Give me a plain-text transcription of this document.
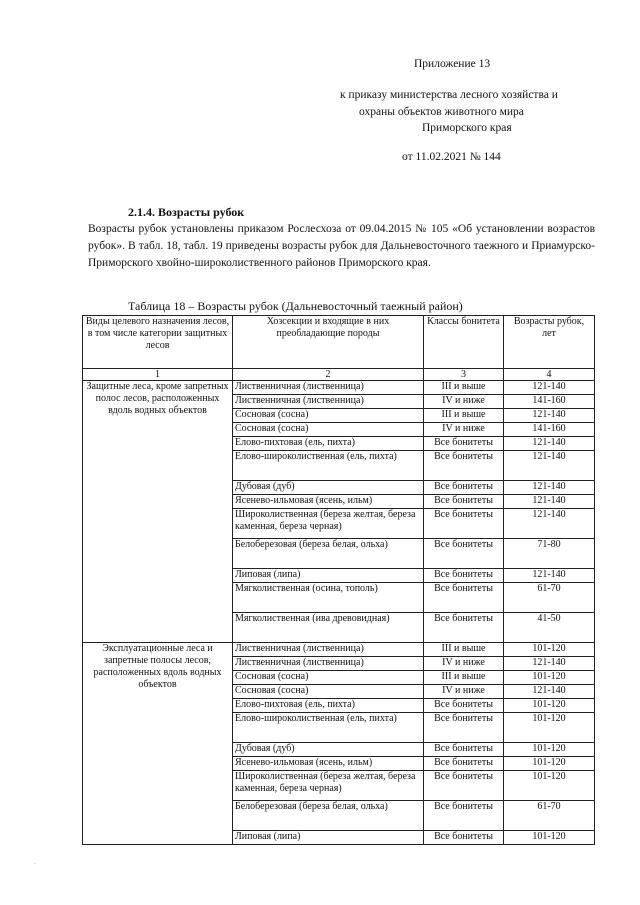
Приложение 13
к приказу министерства лесного хозяйства и
охраны объектов животного мира
Приморского края
от 11.02.2021 № 144
2.1.4. Возрасты рубок
Возрасты рубок установлены приказом Рослесхоза от 09.04.2015 № 105 «Об установлении возрастов рубок». В табл. 18, табл. 19 приведены возрасты рубок для Дальневосточного таежного и Приамурско-Приморского хвойно-широколиственного районов Приморского края.
Таблица 18 – Возрасты рубок (Дальневосточный таежный район)
Виды целевого назначения лесов, в том числе категории защитных лесов	Хозсекции и входящие в них преобладающие породы	Классы бонитета	Возрасты рубок, лет
1	2	3	4
Защитные леса, кроме запретных полос лесов, расположенных вдоль водных объектов	Лиственничная (лиственница)	III и выше	121-140
	Лиственничная (лиственница)	IV и ниже	141-160
	Сосновая (сосна)	III и выше	121-140
	Сосновая (сосна)	IV и ниже	141-160
	Елово-пихтовая (ель, пихта)	Все бонитеты	121-140
	Елово-широколиственная (ель, пихта)	Все бонитеты	121-140
	Дубовая (дуб)	Все бонитеты	121-140
	Ясенево-ильмовая (ясень, ильм)	Все бонитеты	121-140
	Широколиственная (береза желтая, береза каменная, береза черная)	Все бонитеты	121-140
	Белоберезовая (береза белая, ольха)	Все бонитеты	71-80
	Липовая (липа)	Все бонитеты	121-140
	Мягколиственная (осина, тополь)	Все бонитеты	61-70
	Мягколиственная (ива древовидная)	Все бонитеты	41-50
Эксплуатационные леса и запретные полосы лесов, расположенных вдоль водных объектов	Лиственничная (лиственница)	III и выше	101-120
	Лиственничная (лиственница)	IV и ниже	121-140
	Сосновая (сосна)	III и выше	101-120
	Сосновая (сосна)	IV и ниже	121-140
	Елово-пихтовая (ель, пихта)	Все бонитеты	101-120
	Елово-широколиственная (ель, пихта)	Все бонитеты	101-120
	Дубовая (дуб)	Все бонитеты	101-120
	Ясенево-ильмовая (ясень, ильм)	Все бонитеты	101-120
	Широколиственная (береза желтая, береза каменная, береза черная)	Все бонитеты	101-120
	Белоберезовая (береза белая, ольха)	Все бонитеты	61-70
	Липовая (липа)	Все бонитеты	101-120
.
